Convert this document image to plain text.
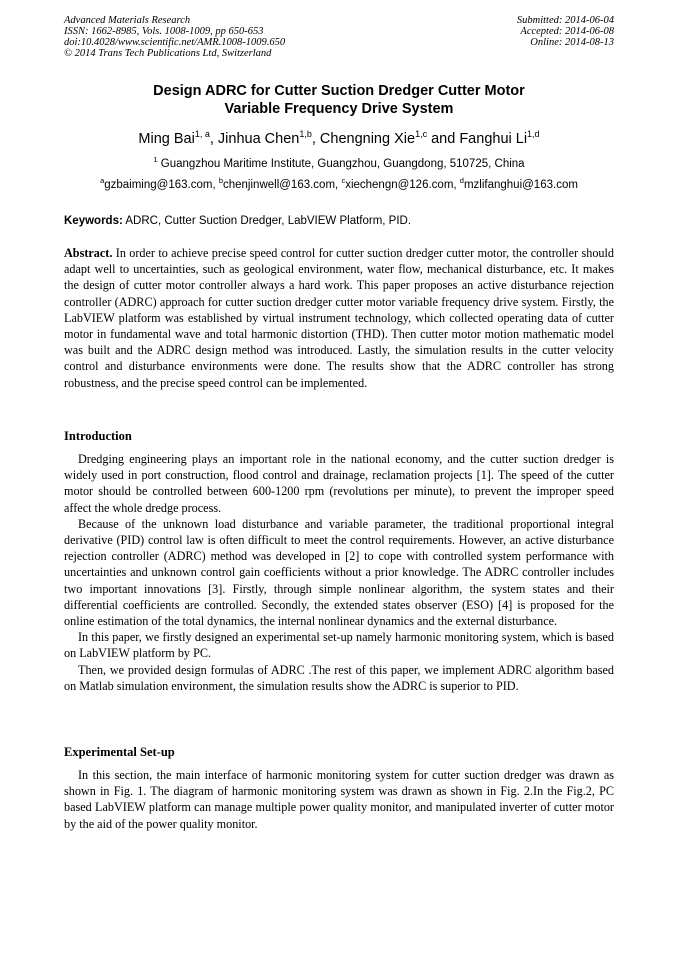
Advanced Materials Research
ISSN: 1662-8985, Vols. 1008-1009, pp 650-653
doi:10.4028/www.scientific.net/AMR.1008-1009.650
© 2014 Trans Tech Publications Ltd, Switzerland
Submitted: 2014-06-04
Accepted: 2014-06-08
Online: 2014-08-13
Design ADRC for Cutter Suction Dredger Cutter Motor
Variable Frequency Drive System
Ming Bai$^{1, a}$, Jinhua Chen$^{1,b}$, Chengning Xie$^{1,c}$ and Fanghui Li$^{1,d}$
$^1$ Guangzhou Maritime Institute, Guangzhou, Guangdong, 510725, China
$^a$gzbaiming@163.com, $^b$chenjinwell@163.com, $^c$xiechengn@126.com, $^d$mzlifanghui@163.com
Keywords: ADRC, Cutter Suction Dredger, LabVIEW Platform, PID.
Abstract. In order to achieve precise speed control for cutter suction dredger cutter motor, the controller should adapt well to uncertainties, such as geological environment, water flow, mechanical disturbance, etc. It makes the design of cutter motor controller always a hard work. This paper proposes an active disturbance rejection controller (ADRC) approach for cutter suction dredger cutter motor variable frequency drive system. Firstly, the LabVIEW platform was established by virtual instrument technology, which collected operating data of cutter motor in fundamental wave and total harmonic distortion (THD). Then cutter motor motion mathematic model was built and the ADRC design method was introduced. Lastly, the simulation results in the cutter velocity control and disturbance environments were done. The results show that the ADRC controller has strong robustness, and the precise speed control can be implemented.
Introduction

Dredging engineering plays an important role in the national economy, and the cutter suction dredger is widely used in port construction, flood control and drainage, reclamation projects [1]. The speed of the cutter motor should be controlled between 600-1200 rpm (revolutions per minute), to prevent the improper speed affect the whole dredge process.

Because of the unknown load disturbance and variable parameter, the traditional proportional integral derivative (PID) control law is often difficult to meet the control requirements. However, an active disturbance rejection controller (ADRC) method was developed in [2] to cope with controlled system performance with uncertainties and unknown control gain coefficients without a prior knowledge. The ADRC controller includes two important innovations [3]. Firstly, through simple nonlinear algorithm, the system states and their differential coefficients are controlled. Secondly, the extended states observer (ESO) [4] is proposed for the online estimation of the total dynamics, the internal nonlinear dynamics and the external disturbance.

In this paper, we firstly designed an experimental set-up namely harmonic monitoring system, which is based on LabVIEW platform by PC.

Then, we provided design formulas of ADRC .The rest of this paper, we implement ADRC algorithm based on Matlab simulation environment, the simulation results show the ADRC is superior to PID.

Experimental Set-up

In this section, the main interface of harmonic monitoring system for cutter suction dredger was drawn as shown in Fig. 1. The diagram of harmonic monitoring system was drawn as shown in Fig. 2.In the Fig.2, PC based LabVIEW platform can manage multiple power quality monitor, and manipulated inverter of cutter motor by the aid of the power quality monitor.
